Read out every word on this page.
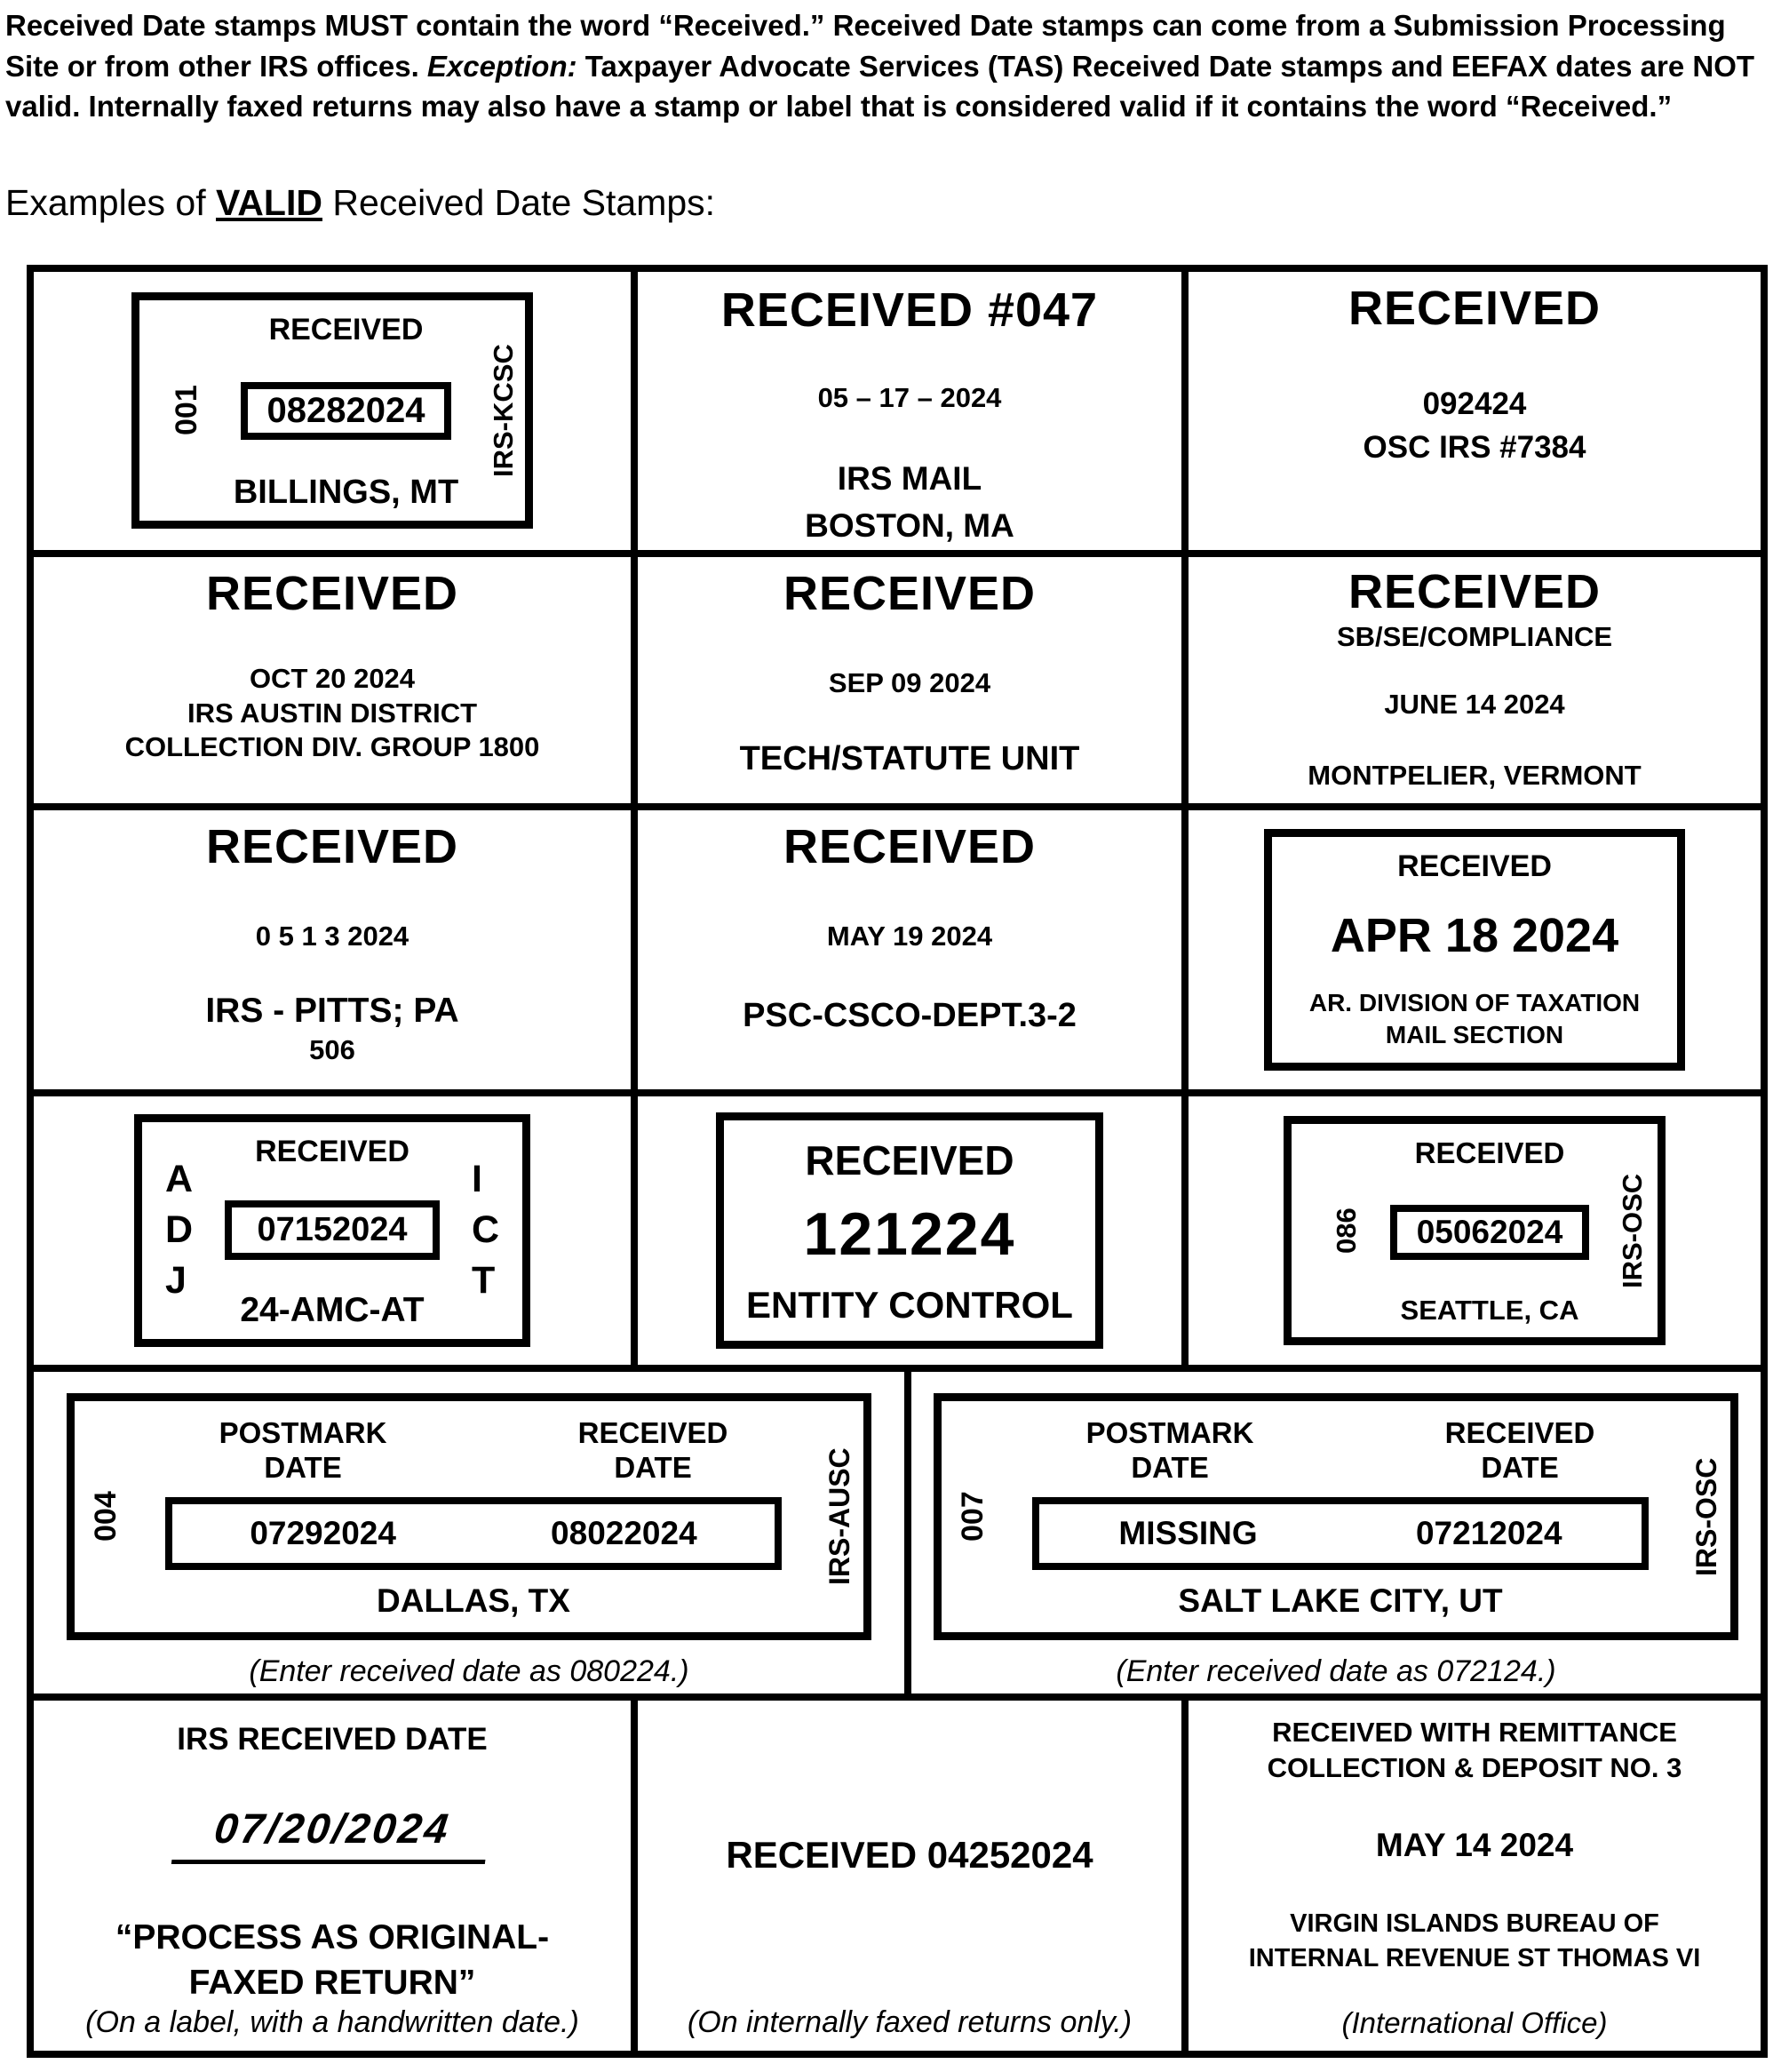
Received Date stamps MUST contain the word “Received.” Received Date stamps can come from a Submission Processing Site or from other IRS offices. Exception: Taxpayer Advocate Services (TAS) Received Date stamps and EEFAX dates are NOT valid. Internally faxed returns may also have a stamp or label that is considered valid if it contains the word “Received.”

Examples of VALID Received Date Stamps:
001
RECEIVED
08282024
BILLINGS, MT
IRS-KCSC
RECEIVED #047
05 – 17 – 2024
IRS MAIL
BOSTON, MA
RECEIVED
092424
OSC IRS #7384
RECEIVED
OCT 20 2024
IRS AUSTIN DISTRICT
COLLECTION DIV. GROUP 1800
RECEIVED
SEP 09 2024
TECH/STATUTE UNIT
RECEIVED
SB/SE/COMPLIANCE
JUNE 14 2024
MONTPELIER, VERMONT
RECEIVED
0 5 1 3 2024
IRS - PITTS; PA
506
RECEIVED
MAY 19 2024
PSC-CSCO-DEPT.3-2
RECEIVED
APR 18 2024
AR. DIVISION OF TAXATION
MAIL SECTION
A
D
J
RECEIVED
07152024
24-AMC-AT
I
C
T
RECEIVED
121224
ENTITY CONTROL
086
RECEIVED
05062024
SEATTLE, CA
IRS-OSC
004
POSTMARK
DATE
RECEIVED
DATE
07292024	08022024
DALLAS, TX
IRS-AUSC
(Enter received date as 080224.)
007
POSTMARK
DATE
RECEIVED
DATE
MISSING	07212024
SALT LAKE CITY, UT
IRS-OSC
(Enter received date as 072124.)
IRS RECEIVED DATE
07/20/2024
“PROCESS AS ORIGINAL-
FAXED RETURN”
(On a label, with a handwritten date.)
RECEIVED 04252024
(On internally faxed returns only.)
RECEIVED WITH REMITTANCE
COLLECTION & DEPOSIT NO. 3
MAY 14 2024
VIRGIN ISLANDS BUREAU OF
INTERNAL REVENUE ST THOMAS VI
(International Office)
